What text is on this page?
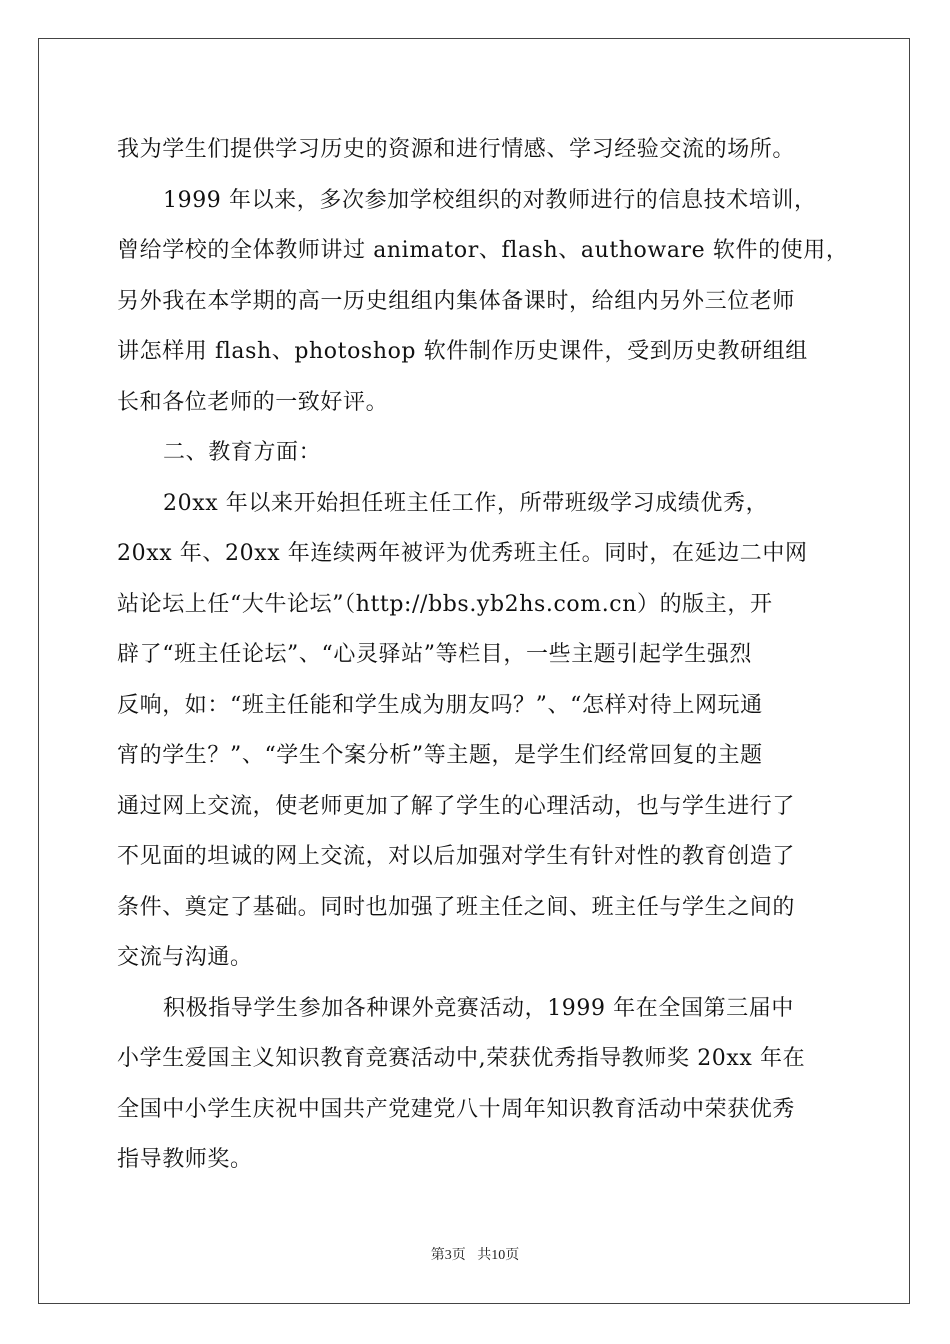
我为学生们提供学习历史的资源和进行情感、学习经验交流的场所。
1999 年以来，多次参加学校组织的对教师进行的信息技术培训，
曾给学校的全体教师讲过 animator、flash、authoware 软件的使用，
另外我在本学期的高一历史组组内集体备课时，给组内另外三位老师
讲怎样用 flash、photoshop 软件制作历史课件，受到历史教研组组
长和各位老师的一致好评。
二、教育方面：
20xx 年以来开始担任班主任工作，所带班级学习成绩优秀，
20xx 年、20xx 年连续两年被评为优秀班主任。同时，在延边二中网
站论坛上任“大牛论坛”（http://bbs.yb2hs.com.cn）的版主，开
辟了“班主任论坛”、“心灵驿站”等栏目，一些主题引起学生强烈
反响，如：“班主任能和学生成为朋友吗？”、“怎样对待上网玩通
宵的学生？”、“学生个案分析”等主题，是学生们经常回复的主题
通过网上交流，使老师更加了解了学生的心理活动，也与学生进行了
不见面的坦诚的网上交流，对以后加强对学生有针对性的教育创造了
条件、奠定了基础。同时也加强了班主任之间、班主任与学生之间的
交流与沟通。
积极指导学生参加各种课外竞赛活动，1999 年在全国第三届中
小学生爱国主义知识教育竞赛活动中,荣获优秀指导教师奖 20xx 年在
全国中小学生庆祝中国共产党建党八十周年知识教育活动中荣获优秀
指导教师奖。
第3页 共10页
